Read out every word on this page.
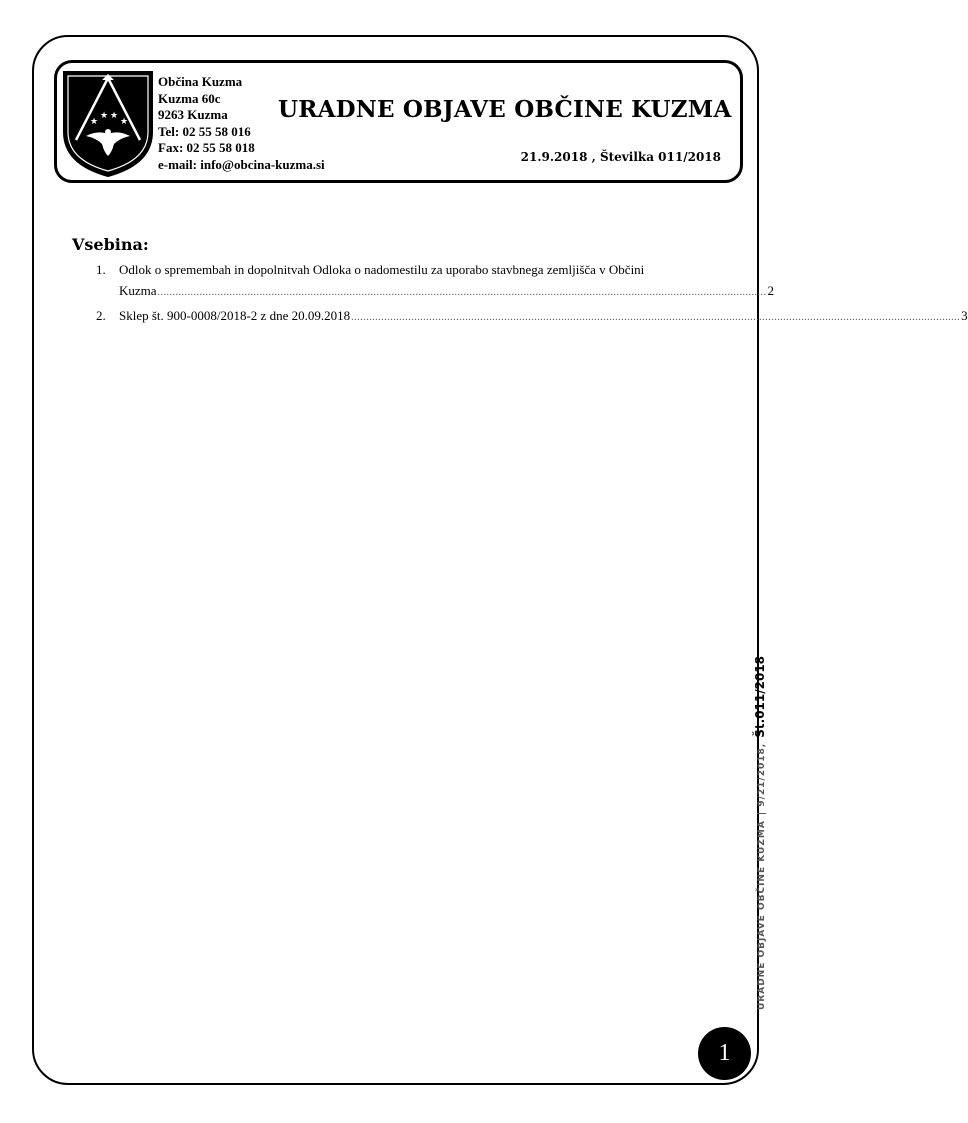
★
★ ★
★
Občina Kuzma
Kuzma 60c
9263 Kuzma
Tel: 02 55 58 016
Fax: 02 55 58 018
e-mail: info@obcina-kuzma.si
URADNE OBJAVE OBČINE KUZMA
21.9.2018 , Številka 011/2018
Vsebina:
1. Odlok o spremembah in dopolnitvah Odloka o nadomestilu za uporabo stavbnega zemljišča v Občini
Kuzma ........................................................................................................................................................................................................... 2
2. Sklep št. 900-0008/2018-2 z dne 20.09.2018 ........................................................................................................................................................................................................... 3
URADNE OBJAVE OBČINE KUZMA | 9/21/2018, Št.011/2018
1
